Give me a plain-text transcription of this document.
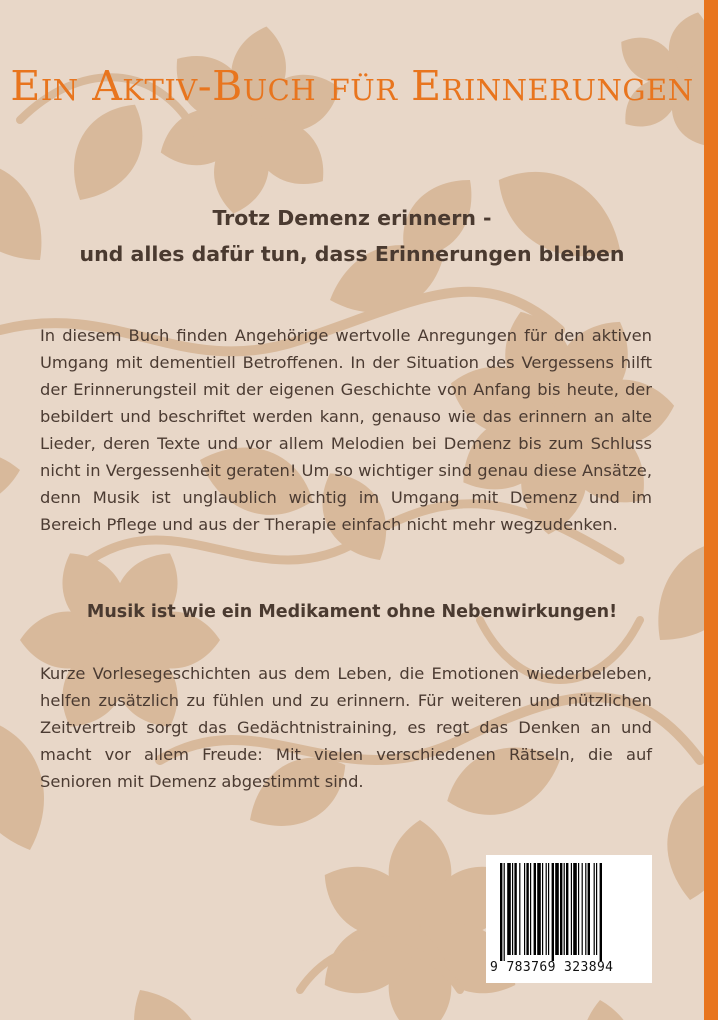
Ein Aktiv-Buch für Erinnerungen

Trotz Demenz erinnern -
und alles dafür tun, dass Erinnerungen bleiben

In diesem Buch finden Angehörige wertvolle Anregungen für den aktiven Umgang mit dementiell Betroffenen. In der Situation des Vergessens hilft der Erinnerungsteil mit der eigenen Geschichte von Anfang bis heute, der bebildert und beschriftet werden kann, genauso wie das erinnern an alte Lieder, deren Texte und vor allem Melodien bei Demenz bis zum Schluss nicht in Vergessenheit geraten! Um so wichtiger sind genau diese Ansätze, denn Musik ist unglaublich wichtig im Umgang mit Demenz und im Bereich Pflege und aus der Therapie einfach nicht mehr wegzudenken.

Musik ist wie ein Medikament ohne Nebenwirkungen!

Kurze Vorlesegeschichten aus dem Leben, die Emotionen wiederbeleben, helfen zusätzlich zu fühlen und zu erinnern. Für weiteren und nützlichen Zeitvertreib sorgt das Gedächtnistraining, es regt das Denken an und macht vor allem Freude: Mit vielen verschiedenen Rätseln, die auf Senioren mit Demenz abgestimmt sind.

9 783769 323894
